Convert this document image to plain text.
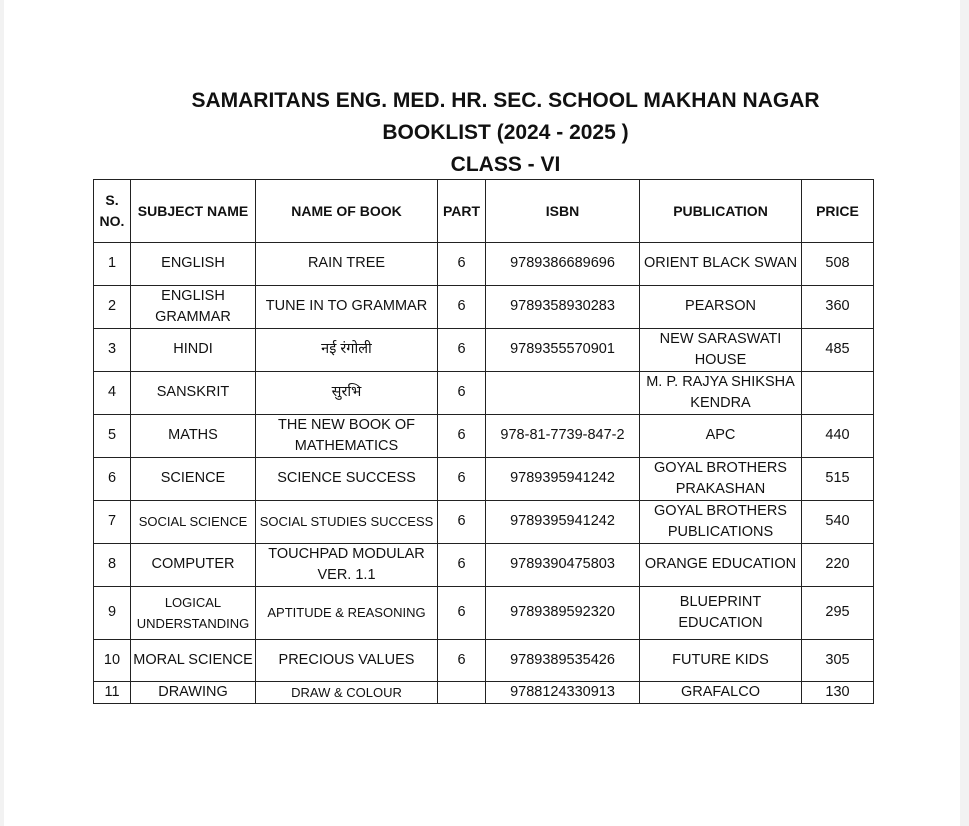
SAMARITANS ENG. MED. HR. SEC. SCHOOL MAKHAN NAGAR
BOOKLIST (2024 - 2025 )
CLASS - VI
S. NO.	SUBJECT NAME	NAME OF BOOK	PART	ISBN	PUBLICATION	PRICE
1	ENGLISH	RAIN TREE	6	9789386689696	ORIENT BLACK SWAN	508
2	ENGLISH GRAMMAR	TUNE IN TO GRAMMAR	6	9789358930283	PEARSON	360
3	HINDI	नई रंगोली	6	9789355570901	NEW SARASWATI HOUSE	485
4	SANSKRIT	सुरभि	6		M. P. RAJYA SHIKSHA KENDRA	
5	MATHS	THE NEW BOOK OF MATHEMATICS	6	978-81-7739-847-2	APC	440
6	SCIENCE	SCIENCE SUCCESS	6	9789395941242	GOYAL BROTHERS PRAKASHAN	515
7	SOCIAL SCIENCE	SOCIAL STUDIES SUCCESS	6	9789395941242	GOYAL BROTHERS PUBLICATIONS	540
8	COMPUTER	TOUCHPAD MODULAR VER. 1.1	6	9789390475803	ORANGE EDUCATION	220
9	LOGICAL UNDERSTANDING	APTITUDE & REASONING	6	9789389592320	BLUEPRINT EDUCATION	295
10	MORAL SCIENCE	PRECIOUS VALUES	6	9789389535426	FUTURE KIDS	305
11	DRAWING	DRAW & COLOUR		9788124330913	GRAFALCO	130
